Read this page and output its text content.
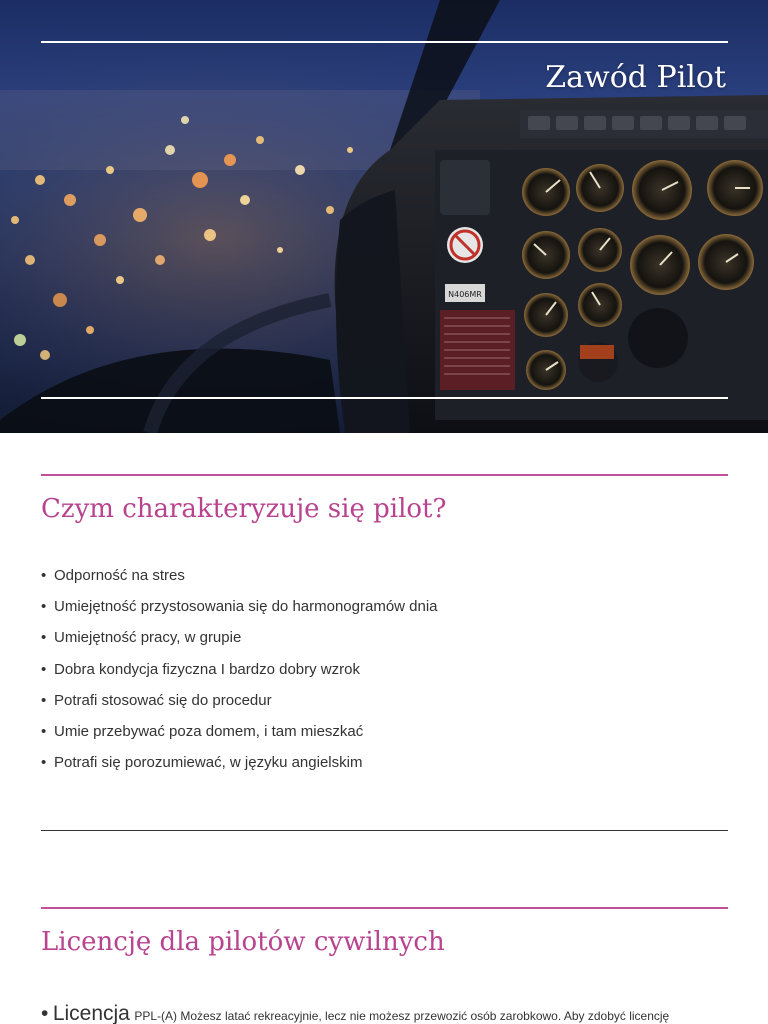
N406MR
Zawód Pilot
Czym charakteryzuje się pilot?
• Odporność na stres
• Umiejętność przystosowania się do harmonogramów dnia
• Umiejętność pracy, w grupie
• Dobra kondycja fizyczna I bardzo dobry wzrok
• Potrafi stosować się do procedur
• Umie przebywać poza domem, i tam mieszkać
• Potrafi się porozumiewać, w języku angielskim
Licencję dla pilotów cywilnych
• Licencja PPL-(A) Możesz latać rekreacyjnie, lecz nie możesz przewozić osób zarobkowo. Aby zdobyć licencję
